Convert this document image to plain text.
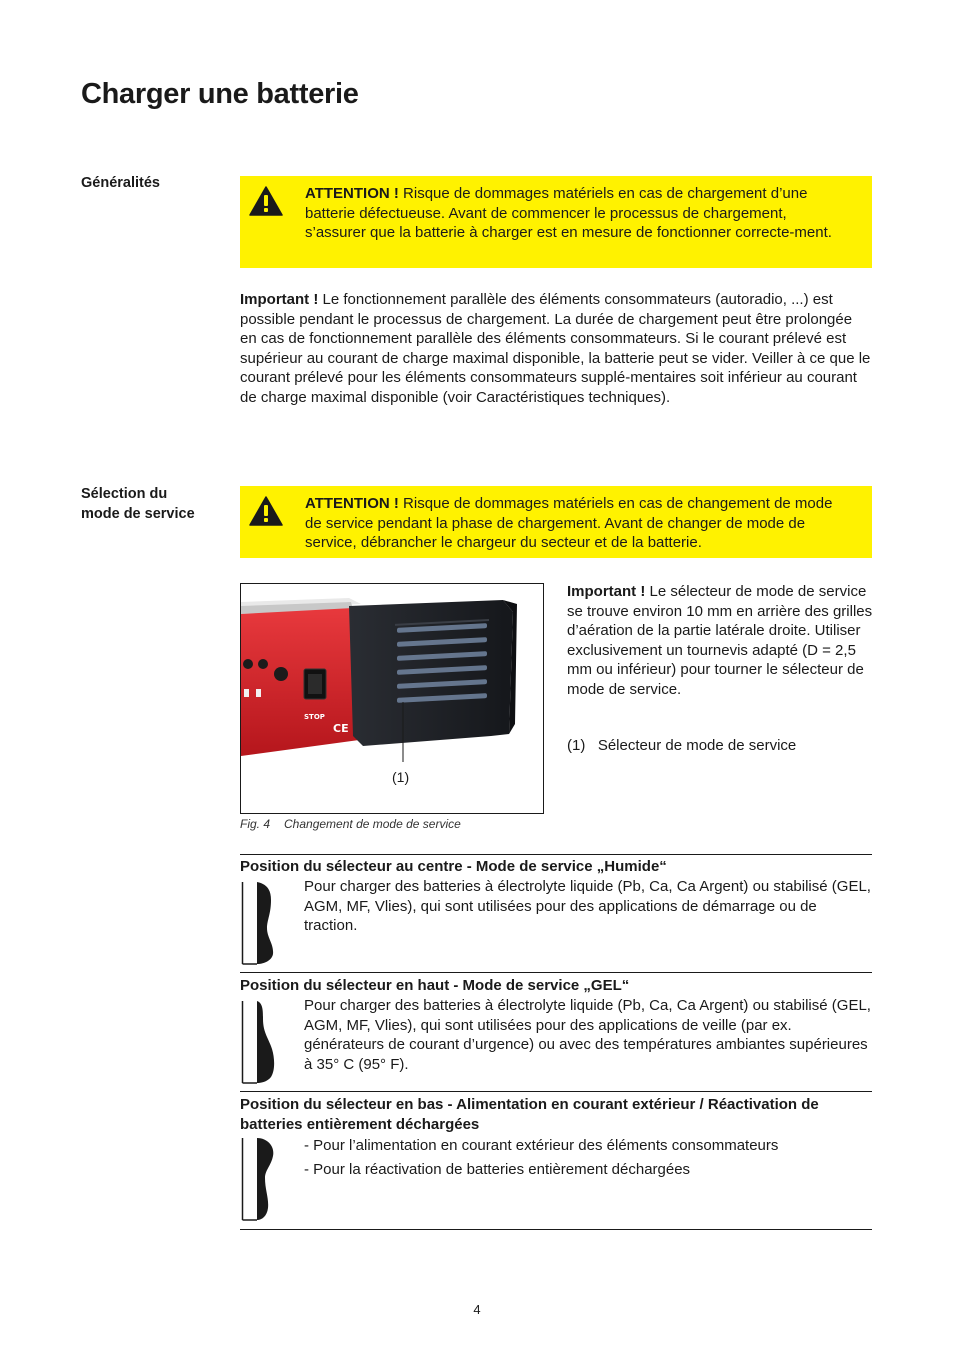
Charger une batterie
Généralités
ATTENTION ! Risque de dommages matériels en cas de chargement d’une batterie défectueuse. Avant de commencer le processus de chargement, s’assurer que la batterie à charger est en mesure de fonctionner correcte-ment.
Important ! Le fonctionnement parallèle des éléments consommateurs (autoradio, ...) est possible pendant le processus de chargement. La durée de chargement peut être prolongée en cas de fonctionnement parallèle des éléments consommateurs. Si le courant prélevé est supérieur au courant de charge maximal disponible, la batterie peut se vider. Veiller à ce que le courant prélevé pour les éléments consommateurs supplé-mentaires soit inférieur au courant de charge maximal disponible (voir Caractéristiques techniques).
Sélection du
mode de service
ATTENTION ! Risque de dommages matériels en cas de changement de mode de service pendant la phase de chargement. Avant de changer de mode de service, débrancher le chargeur du secteur et de la batterie.
STOP
CE
(1)
Fig. 4 Changement de mode de service
Important ! Le sélecteur de mode de service se trouve environ 10 mm en arrière des grilles d’aération de la partie latérale droite. Utiliser exclusivement un tournevis adapté (D = 2,5 mm ou inférieur) pour tourner le sélecteur de mode de service.
(1)   Sélecteur de mode de service
Position du sélecteur au centre - Mode de service „Humide“
Pour charger des batteries à électrolyte liquide (Pb, Ca, Ca Argent) ou stabilisé (GEL, AGM, MF, Vlies), qui sont utilisées pour des applications de démarrage ou de traction.
Position du sélecteur en haut - Mode de service „GEL“
Pour charger des batteries à électrolyte liquide (Pb, Ca, Ca Argent) ou stabilisé (GEL, AGM, MF, Vlies), qui sont utilisées pour des applications de veille (par ex. générateurs de courant d’urgence) ou avec des températures ambiantes supérieures à 35° C (95° F).
Position du sélecteur en bas - Alimentation en courant extérieur / Réactivation de batteries entièrement déchargées
- Pour l’alimentation en courant extérieur des éléments consommateurs
- Pour la réactivation de batteries entièrement déchargées
4
